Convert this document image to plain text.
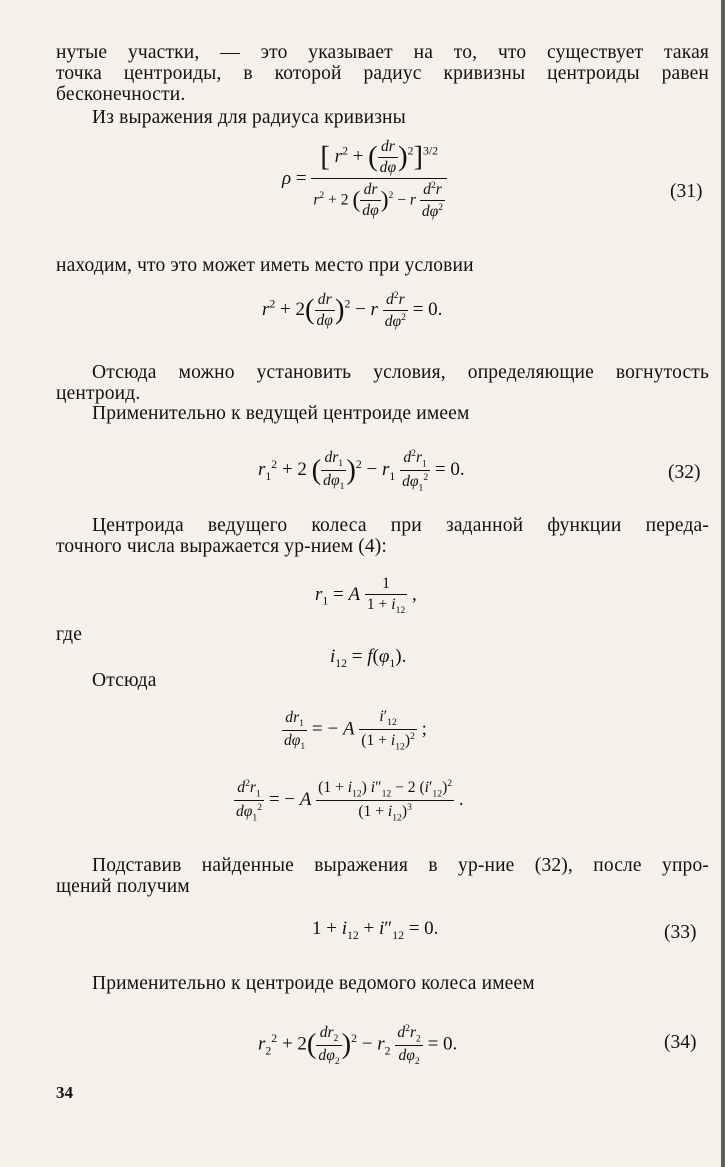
нутые участки, — это указывает на то, что существует такая
точка центроиды, в которой радиус кривизны центроиды равен
бесконечности.
Из выражения для радиуса кривизны
$\rho = \frac{[ r^2 + ( \frac{dr}{d\varphi} )^2]^{3/2}}{r^2 + 2 ( \frac{dr}{d\varphi} )^2 - r \frac{d^2r}{d\varphi^2}}$	(31)
находим, что это может иметь место при условии
$r^2 + 2( \frac{dr}{d\varphi} )^2 - r \frac{d^2r}{d\varphi^2} = 0$.
Отсюда можно установить условия, определяющие вогнутость
центроид.
Применительно к ведущей центроиде имеем
$r_1^2 + 2$ ( $\frac{dr_1}{d\varphi_1} )^2 - r_1 \frac{d^2r_1}{d\varphi_1^2} = 0$.	(32)
Центроида ведущего колеса при заданной функции переда-
точного числа выражается ур-нием (4):
$r_1 = A \frac{1}{1 + i_{12}}$ ,
где
$i_{12} = f(\varphi_1)$.
Отсюда
$\frac{dr_1}{d\varphi_1}$ = − A $\frac{i'_{12}}{(1 + i_{12})^2}$ ;
$\frac{d^2r_1}{d\varphi_1^2}$ = − A $\frac{(1 + i_{12}) i''_{12} - 2 (i'_{12})^2}{(1 + i_{12})^3}$ .
Подставив найденные выражения в ур-ние (32), после упро-
щений получим
$1 + i_{12} + i''_{12} = 0$.	(33)
Применительно к центроиде ведомого колеса имеем
$r_2^2 + 2( \frac{dr_2}{d\varphi_2} )^2 - r_2 \frac{d^2r_2}{d\varphi_2} = 0$.	(34)
34
